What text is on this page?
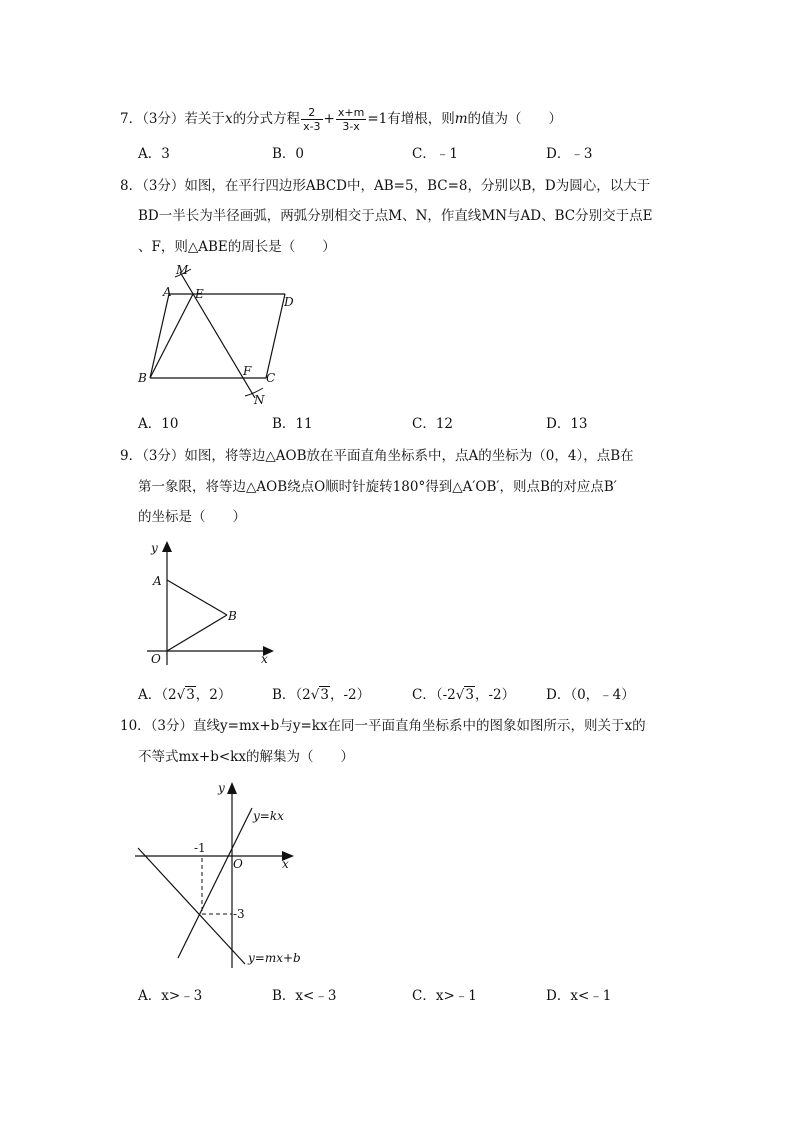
7．（3分）若关于x的分式方程 $\frac{2}{x-3} + \frac{x+m}{3-x} =1$有增根，则m的值为（　　）
A．3	B．0	C．﹣1	D．﹣3
8．（3分）如图，在平行四边形ABCD中，AB=5，BC=8，分别以B，D为圆心，以大于
BD一半长为半径画弧，两弧分别相交于点M、N，作直线MN与AD、BC分别交于点E
、F，则△ABE的周长是（　　）
M
A E
D
B	F C
N
A．10	B．11	C．12	D．13
9．（3分）如图，将等边△AOB放在平面直角坐标系中，点A的坐标为（0，4），点B在
第一象限，将等边△AOB绕点O顺时针旋转180°得到△A′OB′，则点B的对应点B′
的坐标是（　　）
y
A
B
O	x
A．（2√3，2）	B．（2√3，-2）	C．（-2√3，-2） D．（0，﹣4）
10．（3分）直线y=mx+b与y=kx在同一平面直角坐标系中的图象如图所示，则关于x的
不等式mx+b<kx的解集为（　　）
y
y=kx
-1
O	x
-3
y=mx+b
A．x>﹣3	B．x<﹣3	C．x>﹣1	D．x<﹣1
